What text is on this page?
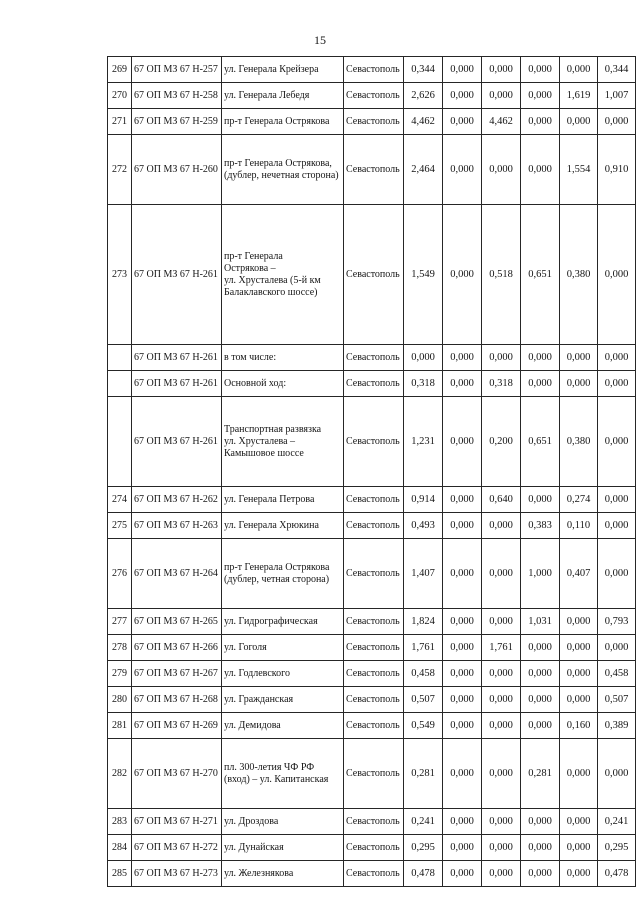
15
269	67 ОП МЗ 67 Н-257	ул. Генерала Крейзера	Севастополь	0,344	0,000	0,000	0,000	0,000	0,344
270	67 ОП МЗ 67 Н-258	ул. Генерала Лебедя	Севастополь	2,626	0,000	0,000	0,000	1,619	1,007
271	67 ОП МЗ 67 Н-259	пр-т Генерала Острякова	Севастополь	4,462	0,000	4,462	0,000	0,000	0,000
272	67 ОП МЗ 67 Н-260	пр-т Генерала Острякова,
(дублер, нечетная сторона)	Севастополь	2,464	0,000	0,000	0,000	1,554	0,910
273	67 ОП МЗ 67 Н-261	пр-т Генерала
Острякова –
ул. Хрусталева (5-й км
Балаклавского шоссе)	Севастополь	1,549	0,000	0,518	0,651	0,380	0,000
	67 ОП МЗ 67 Н-261	в том числе:	Севастополь	0,000	0,000	0,000	0,000	0,000	0,000
	67 ОП МЗ 67 Н-261	Основной ход:	Севастополь	0,318	0,000	0,318	0,000	0,000	0,000
	67 ОП МЗ 67 Н-261	Транспортная развязка
ул. Хрусталева –
Камышовое шоссе	Севастополь	1,231	0,000	0,200	0,651	0,380	0,000
274	67 ОП МЗ 67 Н-262	ул. Генерала Петрова	Севастополь	0,914	0,000	0,640	0,000	0,274	0,000
275	67 ОП МЗ 67 Н-263	ул. Генерала Хрюкина	Севастополь	0,493	0,000	0,000	0,383	0,110	0,000
276	67 ОП МЗ 67 Н-264	пр-т Генерала Острякова
(дублер, четная сторона)	Севастополь	1,407	0,000	0,000	1,000	0,407	0,000
277	67 ОП МЗ 67 Н-265	ул. Гидрографическая	Севастополь	1,824	0,000	0,000	1,031	0,000	0,793
278	67 ОП МЗ 67 Н-266	ул. Гоголя	Севастополь	1,761	0,000	1,761	0,000	0,000	0,000
279	67 ОП МЗ 67 Н-267	ул. Годлевского	Севастополь	0,458	0,000	0,000	0,000	0,000	0,458
280	67 ОП МЗ 67 Н-268	ул. Гражданская	Севастополь	0,507	0,000	0,000	0,000	0,000	0,507
281	67 ОП МЗ 67 Н-269	ул. Демидова	Севастополь	0,549	0,000	0,000	0,000	0,160	0,389
282	67 ОП МЗ 67 Н-270	пл. 300-летия ЧФ РФ
(вход) – ул. Капитанская	Севастополь	0,281	0,000	0,000	0,281	0,000	0,000
283	67 ОП МЗ 67 Н-271	ул. Дроздова	Севастополь	0,241	0,000	0,000	0,000	0,000	0,241
284	67 ОП МЗ 67 Н-272	ул. Дунайская	Севастополь	0,295	0,000	0,000	0,000	0,000	0,295
285	67 ОП МЗ 67 Н-273	ул. Железнякова	Севастополь	0,478	0,000	0,000	0,000	0,000	0,478
